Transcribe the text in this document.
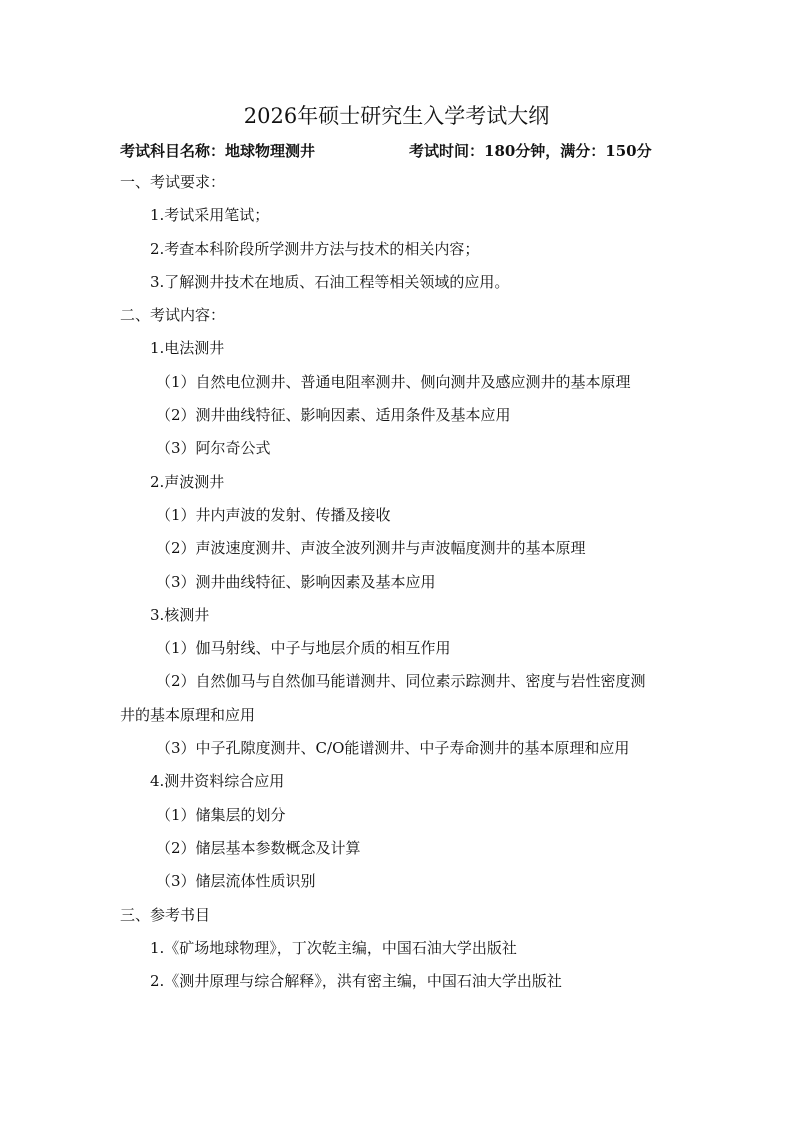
2026年硕士研究生入学考试大纲
考试科目名称：地球物理测井	考试时间：180分钟，满分：150分
一、考试要求：
1.考试采用笔试；
2.考查本科阶段所学测井方法与技术的相关内容；
3.了解测井技术在地质、石油工程等相关领域的应用。
二、考试内容：
1.电法测井
（1）自然电位测井、普通电阻率测井、侧向测井及感应测井的基本原理
（2）测井曲线特征、影响因素、适用条件及基本应用
（3）阿尔奇公式
2.声波测井
（1）井内声波的发射、传播及接收
（2）声波速度测井、声波全波列测井与声波幅度测井的基本原理
（3）测井曲线特征、影响因素及基本应用
3.核测井
（1）伽马射线、中子与地层介质的相互作用
（2）自然伽马与自然伽马能谱测井、同位素示踪测井、密度与岩性密度测
井的基本原理和应用
（3）中子孔隙度测井、C/O能谱测井、中子寿命测井的基本原理和应用
4.测井资料综合应用
（1）储集层的划分
（2）储层基本参数概念及计算
（3）储层流体性质识别
三、参考书目
1.《矿场地球物理》，丁次乾主编，中国石油大学出版社
2.《测井原理与综合解释》，洪有密主编，中国石油大学出版社
